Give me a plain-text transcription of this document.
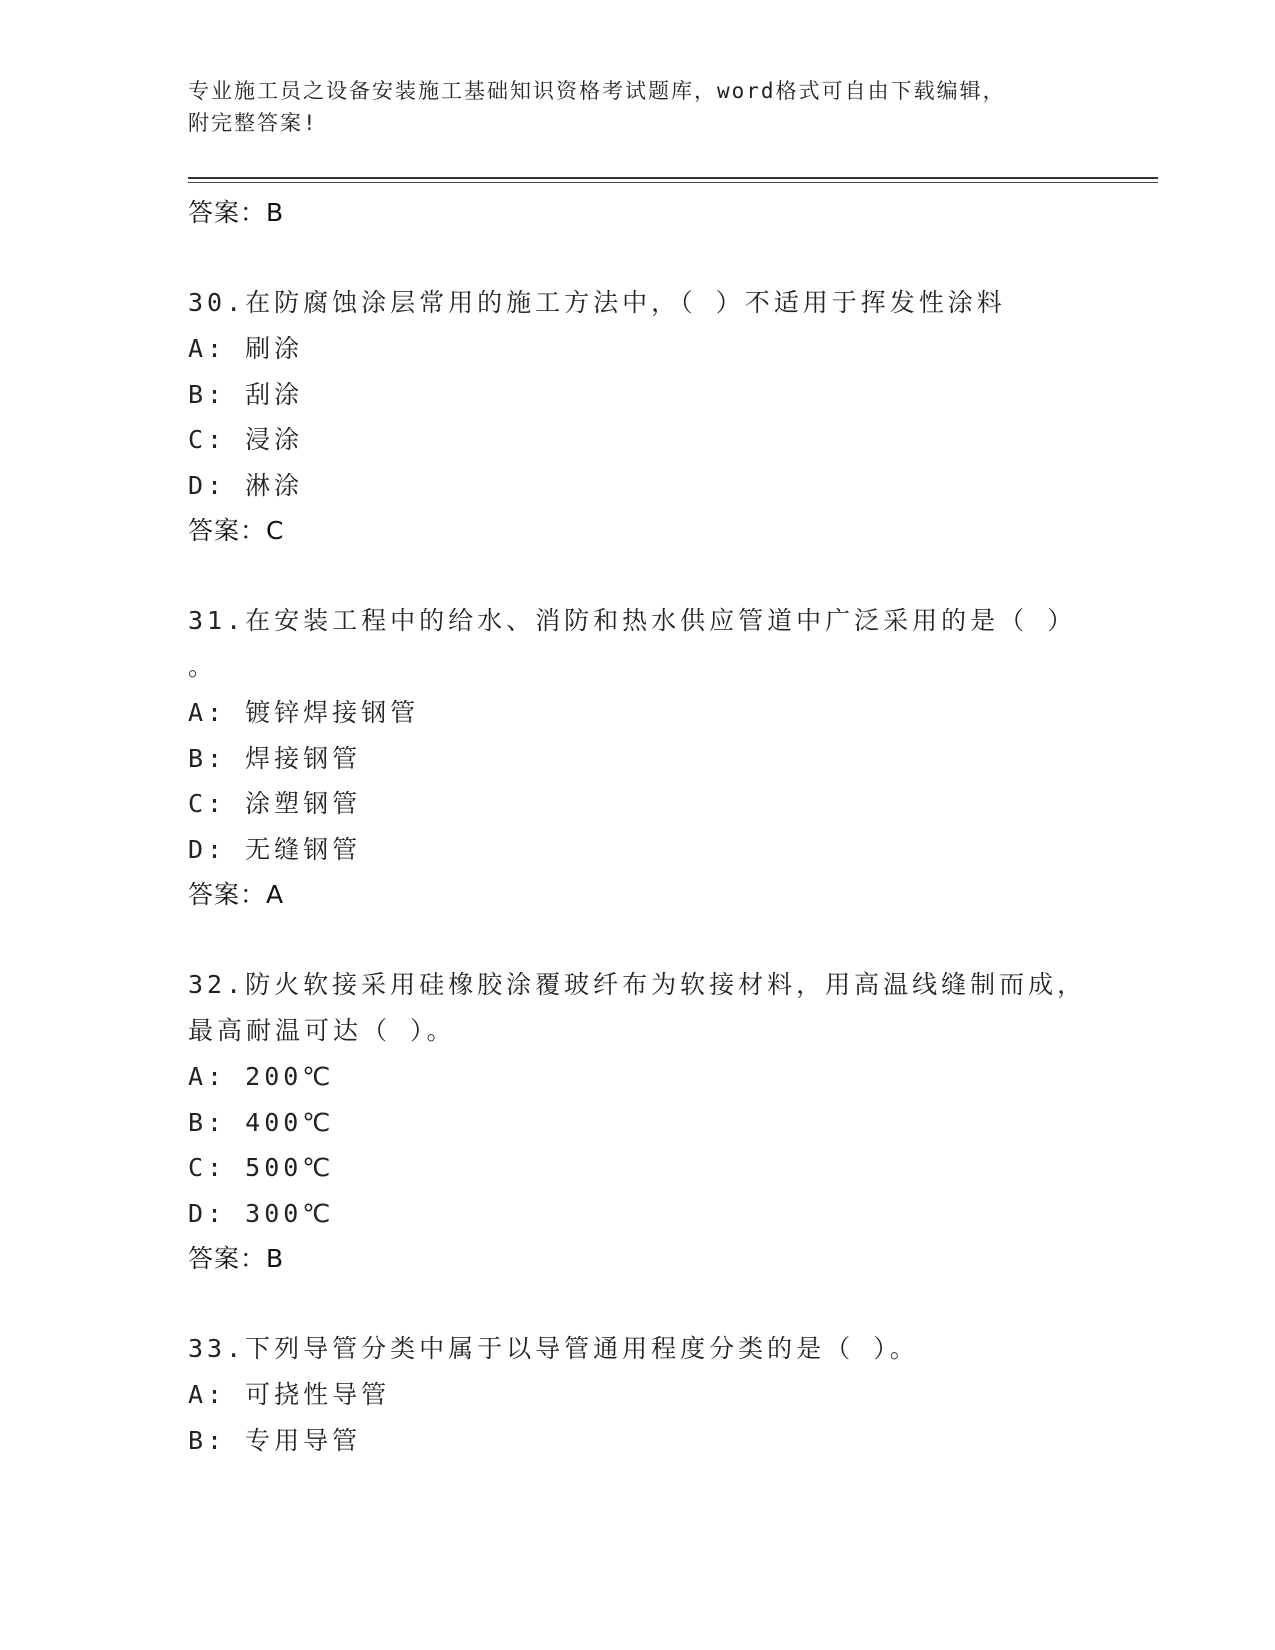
专业施工员之设备安装施工基础知识资格考试题库，word格式可自由下载编辑，
附完整答案!
答案：B
30.在防腐蚀涂层常用的施工方法中，（ ）不适用于挥发性涂料
A: 刷涂
B: 刮涂
C: 浸涂
D: 淋涂
答案：C
31.在安装工程中的给水、消防和热水供应管道中广泛采用的是（ ）
。
A: 镀锌焊接钢管
B: 焊接钢管
C: 涂塑钢管
D: 无缝钢管
答案：A
32.防火软接采用硅橡胶涂覆玻纤布为软接材料，用高温线缝制而成，
最高耐温可达（ ）。
A: 200℃
B: 400℃
C: 500℃
D: 300℃
答案：B
33.下列导管分类中属于以导管通用程度分类的是（ ）。
A: 可挠性导管
B: 专用导管
